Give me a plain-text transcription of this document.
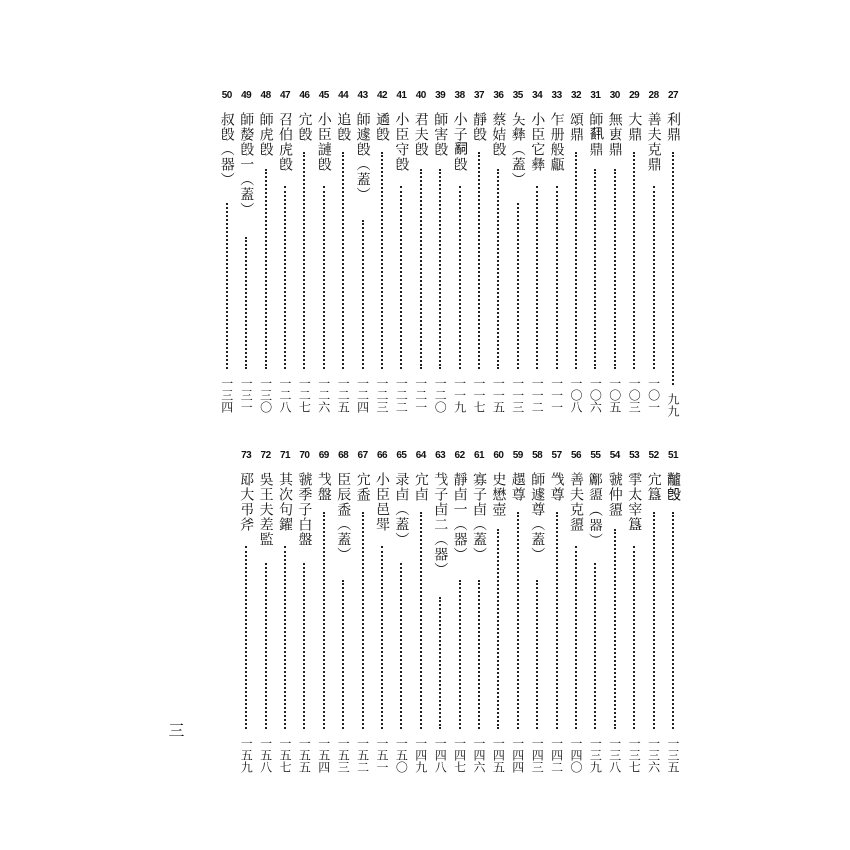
27
利鼎
九九
28
善夫克鼎
一〇一
29
大鼎
一〇三
30
無叀鼎
一〇五
31
師𩛥鼎
一〇六
32
頌鼎
一〇八
33
乍册般甗
一一一
34
小臣它彝
一一二
35
夨彝（蓋）
一一三
36
蔡姞𣪘
一一五
37
靜𣪘
一一七
38
小子𤔲𣪘
一一九
39
師害𣪘
一二〇
40
君夫𣪘
一二一
41
小臣守𣪘
一二二
42
遹𣪘
一二三
43
師遽𣪘（蓋）
一二四
44
追𣪘
一二五
45
小臣謰𣪘
一二六
46
宂𣪘
一二七
47
召伯虎𣪘
一二八
48
師虎𣪘
一三〇
49
師嫠𣪘一（蓋）
一三一
50
叔𣪘（器）
一三四
51
𪓐𣪘
一三五
52
宂簋
一三六
53
𩁹太宰簋
一三七
54
虢仲盨
一三八
55
𨟭盨（器）
一三九
56
善夫克盨
一四〇
57
㦰尊
一四二
58
師遽尊（蓋）
一四三
59
趩尊
一四四
60
史懋壺
一四五
61
寡子卣（蓋）
一四六
62
靜卣一（器）
一四七
63
𢦏子卣二（器）
一四八
64
宂卣
一四九
65
录卣（蓋）
一五〇
66
小臣邑斝
一五一
67
宂盉
一五二
68
臣辰盉（蓋）
一五三
69
𢦏盤
一五四
70
虢季子白盤
一五五
71
其次句鑃
一五七
72
吳王夫差監
一五八
73
邷大弔斧
一五九
三
